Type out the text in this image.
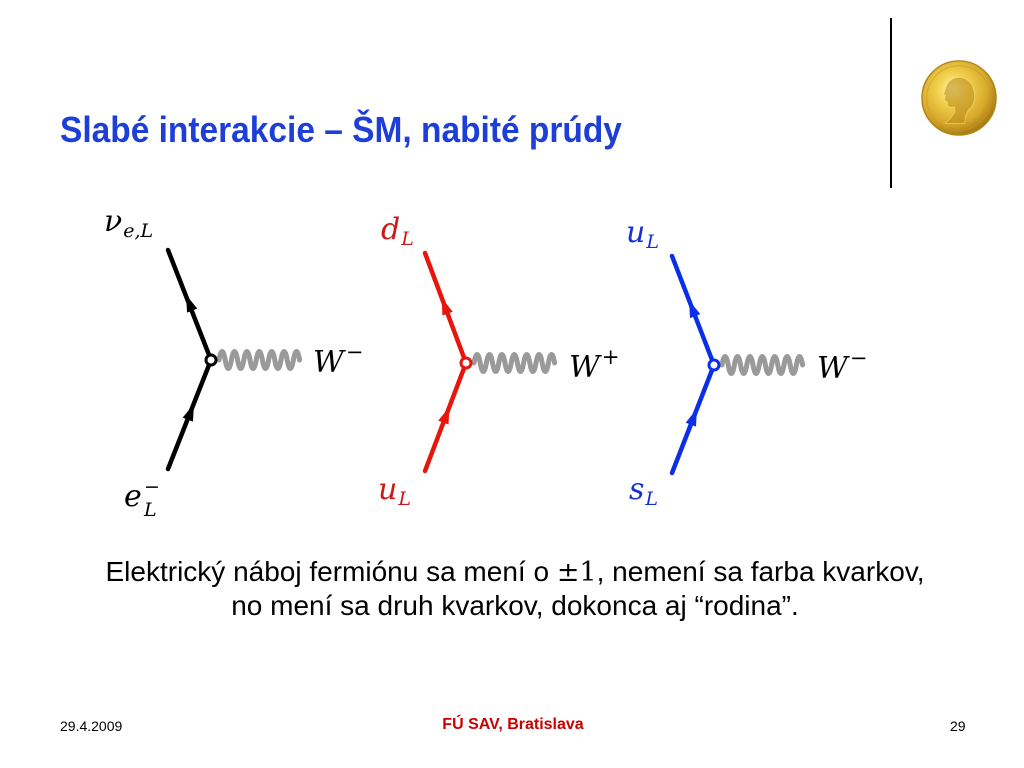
Slabé interakcie – ŠM, nabité prúdy
$\nu_{e,L}$
W−
e −
L
$d_L$
W+
$u_L$
$u_L$
W−
$s_L$
Elektrický náboj fermiónu sa mení o ±1, nemení sa farba kvarkov,
no mení sa druh kvarkov, dokonca aj “rodina”.
29.4.2009	FÚ SAV, Bratislava	29
